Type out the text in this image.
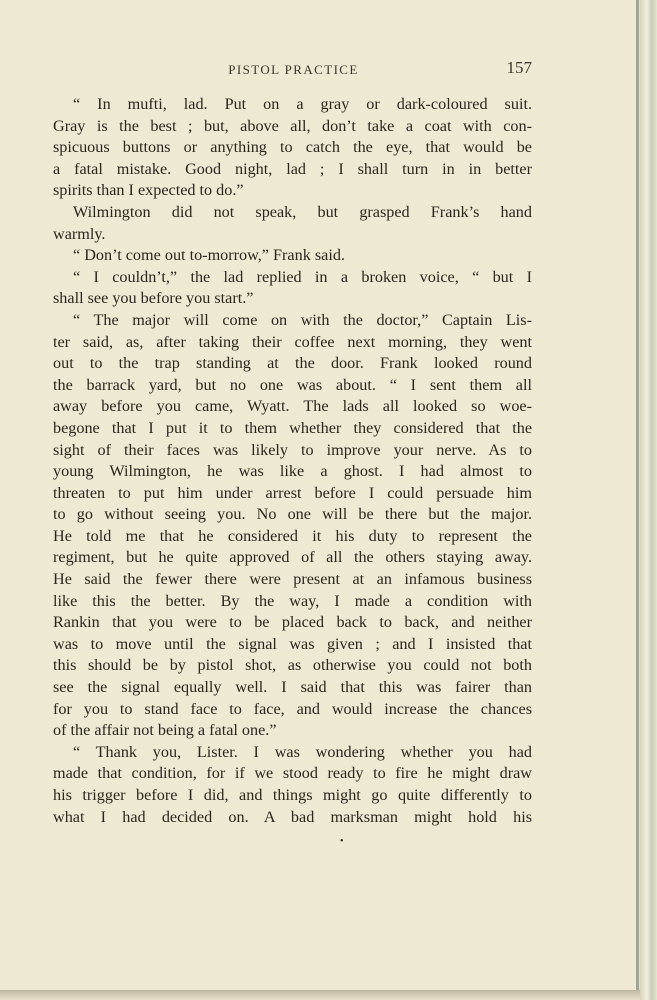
PISTOL PRACTICE	157
“ In mufti, lad. Put on a gray or dark-coloured suit.
Gray is the best ; but, above all, don’t take a coat with con-
spicuous buttons or anything to catch the eye, that would be
a fatal mistake. Good night, lad ; I shall turn in in better
spirits than I expected to do.”
Wilmington did not speak, but grasped Frank’s hand
warmly.
“ Don’t come out to-morrow,” Frank said.
“ I couldn’t,” the lad replied in a broken voice, “ but I
shall see you before you start.”
“ The major will come on with the doctor,” Captain Lis-
ter said, as, after taking their coffee next morning, they went
out to the trap standing at the door. Frank looked round
the barrack yard, but no one was about. “ I sent them all
away before you came, Wyatt. The lads all looked so woe-
begone that I put it to them whether they considered that the
sight of their faces was likely to improve your nerve. As to
young Wilmington, he was like a ghost. I had almost to
threaten to put him under arrest before I could persuade him
to go without seeing you. No one will be there but the major.
He told me that he considered it his duty to represent the
regiment, but he quite approved of all the others staying away.
He said the fewer there were present at an infamous business
like this the better. By the way, I made a condition with
Rankin that you were to be placed back to back, and neither
was to move until the signal was given ; and I insisted that
this should be by pistol shot, as otherwise you could not both
see the signal equally well. I said that this was fairer than
for you to stand face to face, and would increase the chances
of the affair not being a fatal one.”
“ Thank you, Lister. I was wondering whether you had
made that condition, for if we stood ready to fire he might draw
his trigger before I did, and things might go quite differently to
what I had decided on. A bad marksman might hold his
•
